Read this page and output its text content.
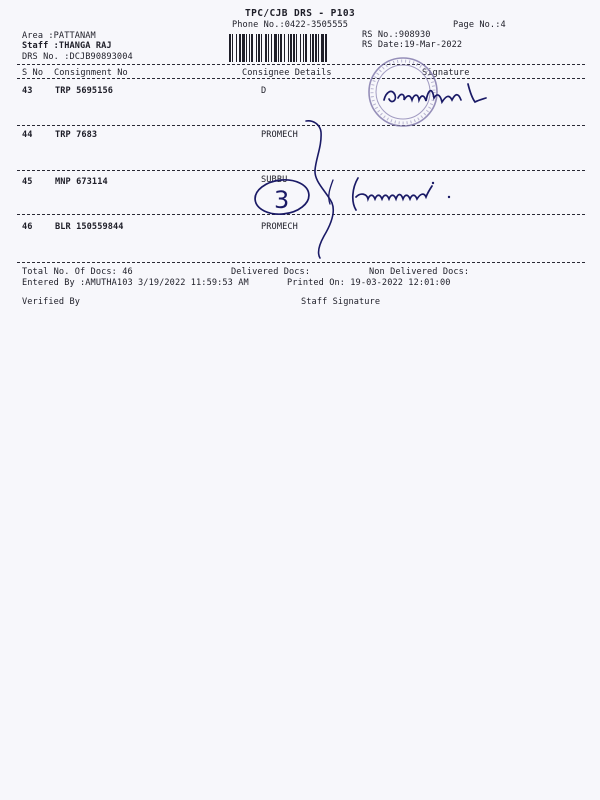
TPC/CJB DRS - P103
Phone No.:0422-3505555	Page No.:4
Area :PATTANAM
Staff :THANGA RAJ
DRS No. :DCJB90893004
RS No.:908930
RS Date:19-Mar-2022
S No Consignment No	Consignee Details	Signature
43	TRP 5695156	D
44	TRP 7683	PROMECH
45	MNP 673114	SUBBU
46	BLR 150559844	PROMECH
Total No. Of Docs: 46	Delivered Docs:	Non Delivered Docs:
Entered By :AMUTHA103 3/19/2022 11:59:53 AM	Printed On: 19-03-2022 12:01:00
Verified By	Staff Signature
3
